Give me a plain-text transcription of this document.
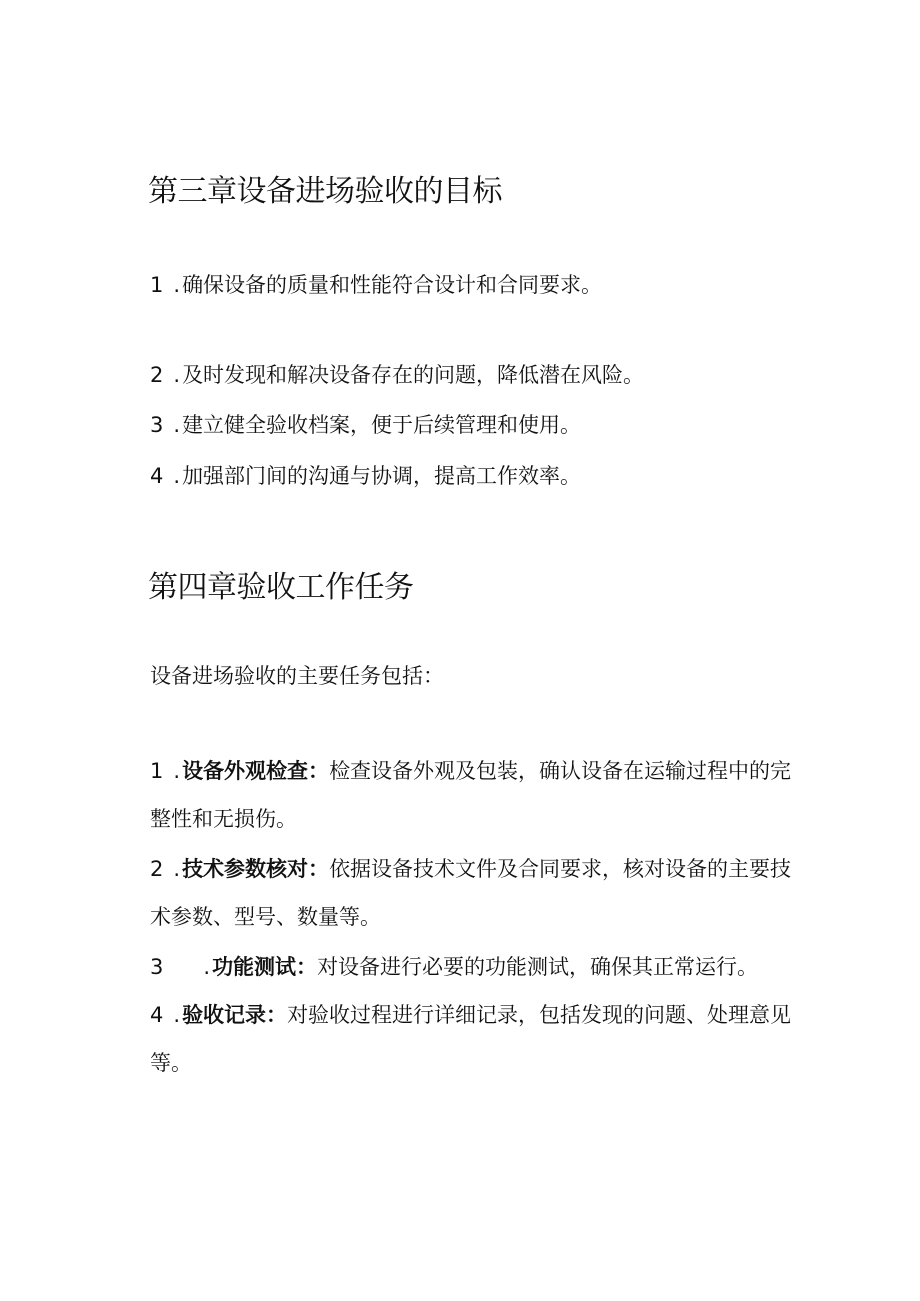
第三章设备进场验收的目标

1 .确保设备的质量和性能符合设计和合同要求。

2 .及时发现和解决设备存在的问题，降低潜在风险。

3 .建立健全验收档案，便于后续管理和使用。

4 .加强部门间的沟通与协调，提高工作效率。

第四章验收工作任务

设备进场验收的主要任务包括：

1 .设备外观检查：检查设备外观及包装，确认设备在运输过程中的完

整性和无损伤。

2 .技术参数核对：依据设备技术文件及合同要求，核对设备的主要技

术参数、型号、数量等。

3 .功能测试：对设备进行必要的功能测试，确保其正常运行。

4 .验收记录：对验收过程进行详细记录，包括发现的问题、处理意见

等。
